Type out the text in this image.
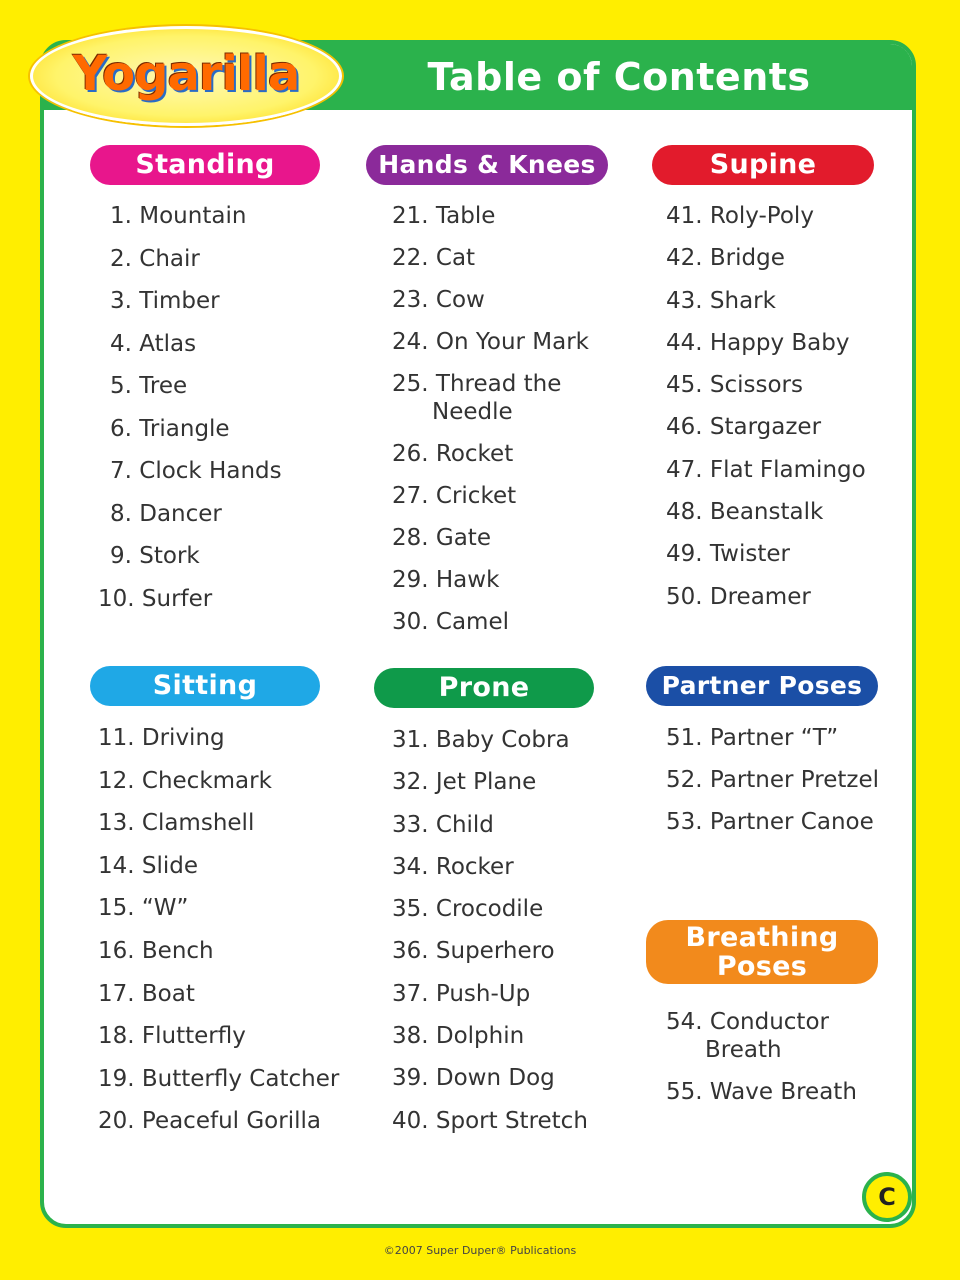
Table of Contents
Standing
1. Mountain
2. Chair
3. Timber
4. Atlas
5. Tree
6. Triangle
7. Clock Hands
8. Dancer
9. Stork
10. Surfer
Hands & Knees
21. Table
22. Cat
23. Cow
24. On Your Mark
25. Thread the
Needle
26. Rocket
27. Cricket
28. Gate
29. Hawk
30. Camel
Supine
41. Roly-Poly
42. Bridge
43. Shark
44. Happy Baby
45. Scissors
46. Stargazer
47. Flat Flamingo
48. Beanstalk
49. Twister
50. Dreamer
Sitting
11. Driving
12. Checkmark
13. Clamshell
14. Slide
15. “W”
16. Bench
17. Boat
18. Flutterfly
19. Butterfly Catcher
20. Peaceful Gorilla
Prone
31. Baby Cobra
32. Jet Plane
33. Child
34. Rocker
35. Crocodile
36. Superhero
37. Push-Up
38. Dolphin
39. Down Dog
40. Sport Stretch
Partner Poses
51. Partner “T”
52. Partner Pretzel
53. Partner Canoe
Breathing
Poses
54. Conductor
Breath
55. Wave Breath
Yogarilla
C
©2007 Super Duper® Publications
